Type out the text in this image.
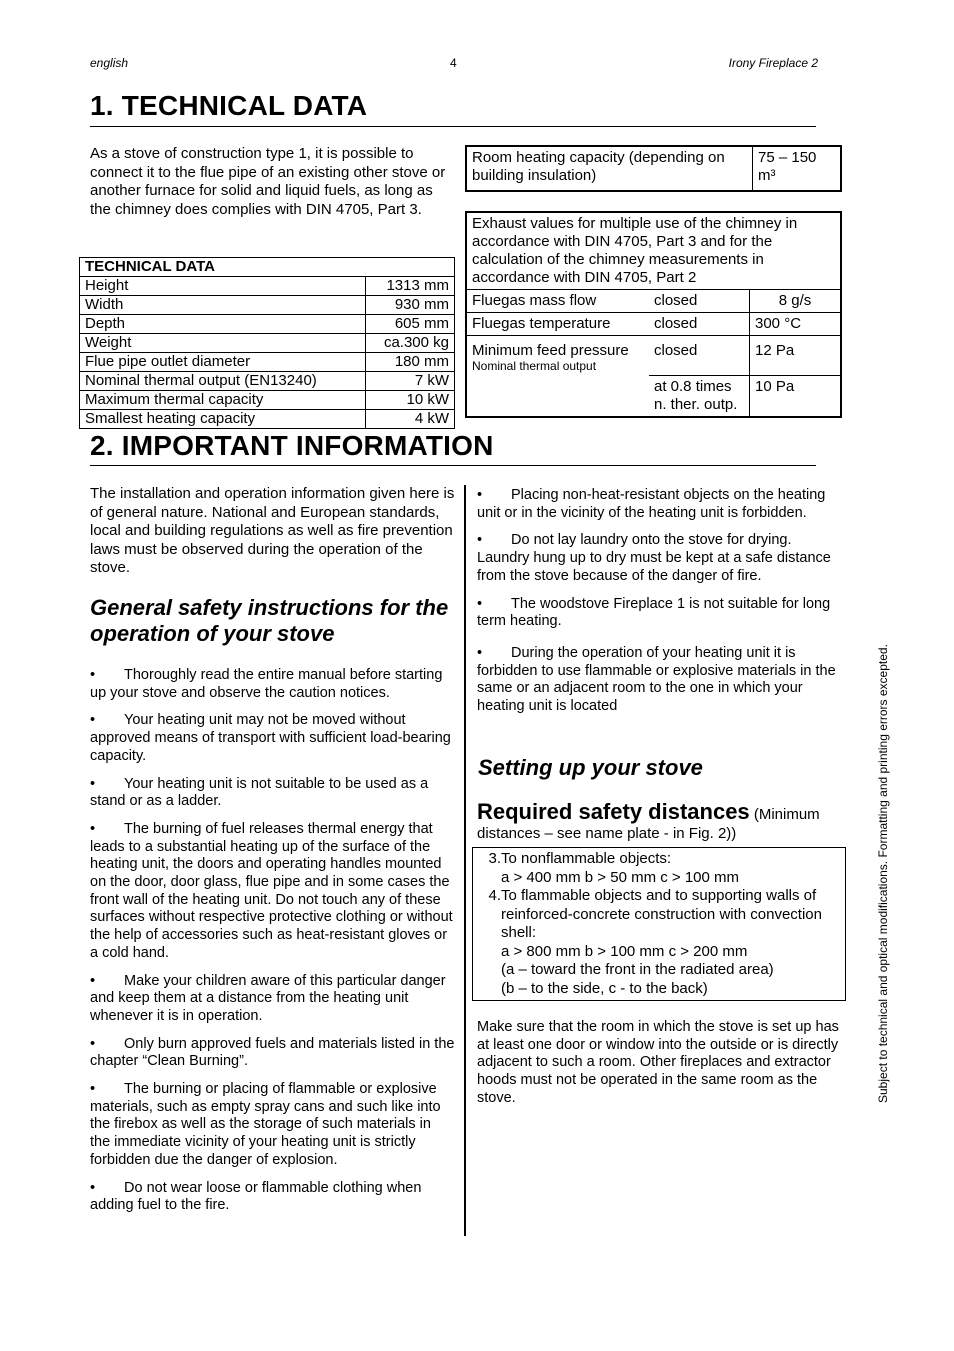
english	4	Irony Fireplace 2
1. TECHNICAL DATA

As a stove of construction type 1, it is possible to connect it to the flue pipe of an existing other stove or another furnace for solid and liquid fuels, as long as the chimney does complies with DIN 4705, Part 3.

TECHNICAL DATA	
Height	1313 mm
Width	930 mm
Depth	605 mm
Weight	ca.300 kg
Flue pipe outlet diameter	180 mm
Nominal thermal output (EN13240)	7 kW
Maximum thermal capacity	10 kW
Smallest heating capacity	4 kW
Room heating capacity (depending on building insulation)	75 – 150 m³
Exhaust values for multiple use of the chimney in accordance with DIN 4705, Part 3 and for the calculation of the chimney measurements in accordance with DIN 4705, Part 2		
Fluegas mass flow	closed	8 g/s
Fluegas temperature	closed	300 °C

Minimum feed pressure
Nominal thermal output	closed	12 Pa
	at 0.8 times n. ther. outp.	10 Pa
2. IMPORTANT INFORMATION

The installation and operation information given here is of general nature. National and European standards, local and building regulations as well as fire prevention laws must be observed during the operation of the stove.

General safety instructions for the operation of your stove

• Thoroughly read the entire manual before starting up your stove and observe the caution notices.

• Your heating unit may not be moved without approved means of transport with sufficient load-bearing capacity.

• Your heating unit is not suitable to be used as a stand or as a ladder.

• The burning of fuel releases thermal energy that leads to a substantial heating up of the surface of the heating unit, the doors and operating handles mounted on the door, door glass, flue pipe and in some cases the front wall of the heating unit. Do not touch any of these surfaces without respective protective clothing or without the help of accessories such as heat-resistant gloves or a cold hand.

• Make your children aware of this particular danger and keep them at a distance from the heating unit whenever it is in operation.

• Only burn approved fuels and materials listed in the chapter “Clean Burning”.

• The burning or placing of flammable or explosive materials, such as empty spray cans and such like into the firebox as well as the storage of such materials in the immediate vicinity of your heating unit is strictly forbidden due the danger of explosion.

• Do not wear loose or flammable clothing when adding fuel to the fire.

• Placing non-heat-resistant objects on the heating unit or in the vicinity of the heating unit is forbidden.

• Do not lay laundry onto the stove for drying. Laundry hung up to dry must be kept at a safe distance from the stove because of the danger of fire.

• The woodstove Fireplace 1 is not suitable for long term heating.

• During the operation of your heating unit it is forbidden to use flammable or explosive materials in the same or an adjacent room to the one in which your heating unit is located

Setting up your stove
Required safety distances (Minimum distances – see name plate - in Fig. 2))
3. To nonflammable objects:
a > 400 mm b > 50 mm c > 100 mm
4. To flammable objects and to supporting walls of reinforced-concrete construction with convection shell:
a > 800 mm b > 100 mm c > 200 mm
(a – toward the front in the radiated area)
(b – to the side, c - to the back)

Make sure that the room in which the stove is set up has at least one door or window into the outside or is directly adjacent to such a room. Other fireplaces and extractor hoods must not be operated in the same room as the stove.	Subject to technical and optical modifications. Formatting and printing errors excepted.
